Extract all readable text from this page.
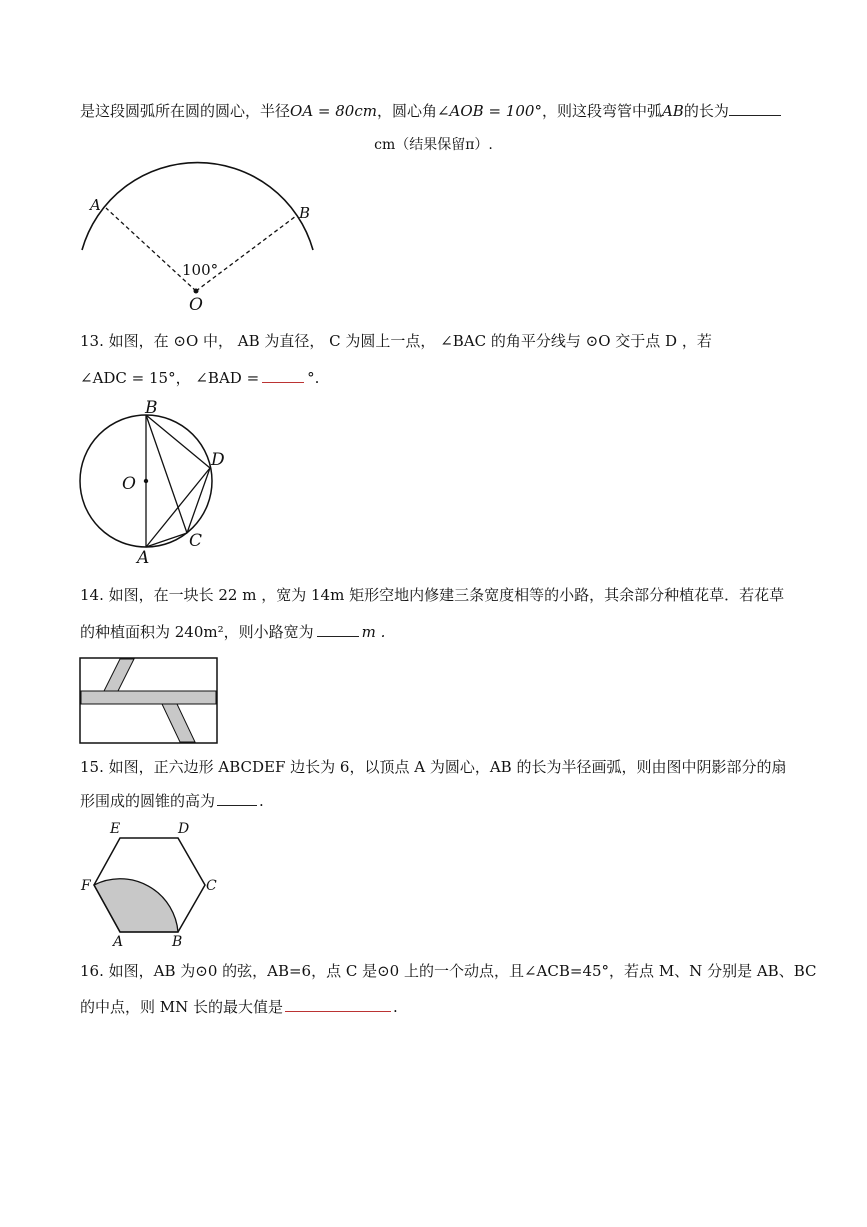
是这段圆弧所在圆的圆心，半径OA = 80cm，圆心角∠AOB = 100°，则这段弯管中弧AB的长为
cm（结果保留π）.
A	B
O
100°
13. 如图，在 ⊙O 中， AB 为直径， C 为圆上一点， ∠BAC 的角平分线与 ⊙O 交于点 D ，若
∠ADC = 15°， ∠BAD =	°.
B
D
O
A
C
14. 如图，在一块长 22 m ，宽为 14m 矩形空地内修建三条宽度相等的小路，其余部分种植花草．若花草
的种植面积为 240m²，则小路宽为	m .
15. 如图，正六边形 ABCDEF 边长为 6，以顶点 A 为圆心，AB 的长为半径画弧，则由图中阴影部分的扇
形围成的圆锥的高为	.
E	D
F	C
A	B
16. 如图，AB 为⊙0 的弦，AB=6，点 C 是⊙0 上的一个动点，且∠ACB=45°，若点 M、N 分别是 AB、BC
的中点，则 MN 长的最大值是	.
